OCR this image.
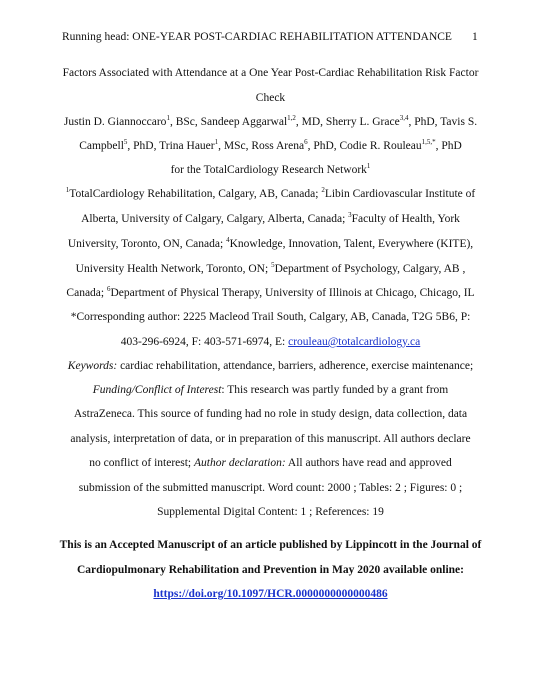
Running head: ONE-YEAR POST-CARDIAC REHABILITATION ATTENDANCE	1
Factors Associated with Attendance at a One Year Post-Cardiac Rehabilitation Risk Factor
Check
Justin D. Giannoccaro$^1$, BSc, Sandeep Aggarwal$^{1,2}$, MD, Sherry L. Grace$^{3,4}$, PhD, Tavis S.
Campbell$^5$, PhD, Trina Hauer$^1$, MSc, Ross Arena$^6$, PhD, Codie R. Rouleau$^{1,5,*}$, PhD
for the TotalCardiology Research Network$^1$
$^1$TotalCardiology Rehabilitation, Calgary, AB, Canada; $^2$Libin Cardiovascular Institute of
Alberta, University of Calgary, Calgary, Alberta, Canada; $^3$Faculty of Health, York
University, Toronto, ON, Canada; $^4$Knowledge, Innovation, Talent, Everywhere (KITE),
University Health Network, Toronto, ON; $^5$Department of Psychology, Calgary, AB ,
Canada; $^6$Department of Physical Therapy, University of Illinois at Chicago, Chicago, IL
*Corresponding author: 2225 Macleod Trail South, Calgary, AB, Canada, T2G 5B6, P:
403-296-6924, F: 403-571-6974, E: crouleau@totalcardiology.ca
Keywords: cardiac rehabilitation, attendance, barriers, adherence, exercise maintenance;
Funding/Conflict of Interest: This research was partly funded by a grant from
AstraZeneca. This source of funding had no role in study design, data collection, data
analysis, interpretation of data, or in preparation of this manuscript. All authors declare
no conflict of interest; Author declaration: All authors have read and approved
submission of the submitted manuscript. Word count: 2000 ; Tables: 2 ; Figures: 0 ;
Supplemental Digital Content: 1 ; References: 19
This is an Accepted Manuscript of an article published by Lippincott in the Journal of
Cardiopulmonary Rehabilitation and Prevention in May 2020 available online:
https://doi.org/10.1097/HCR.0000000000000486
